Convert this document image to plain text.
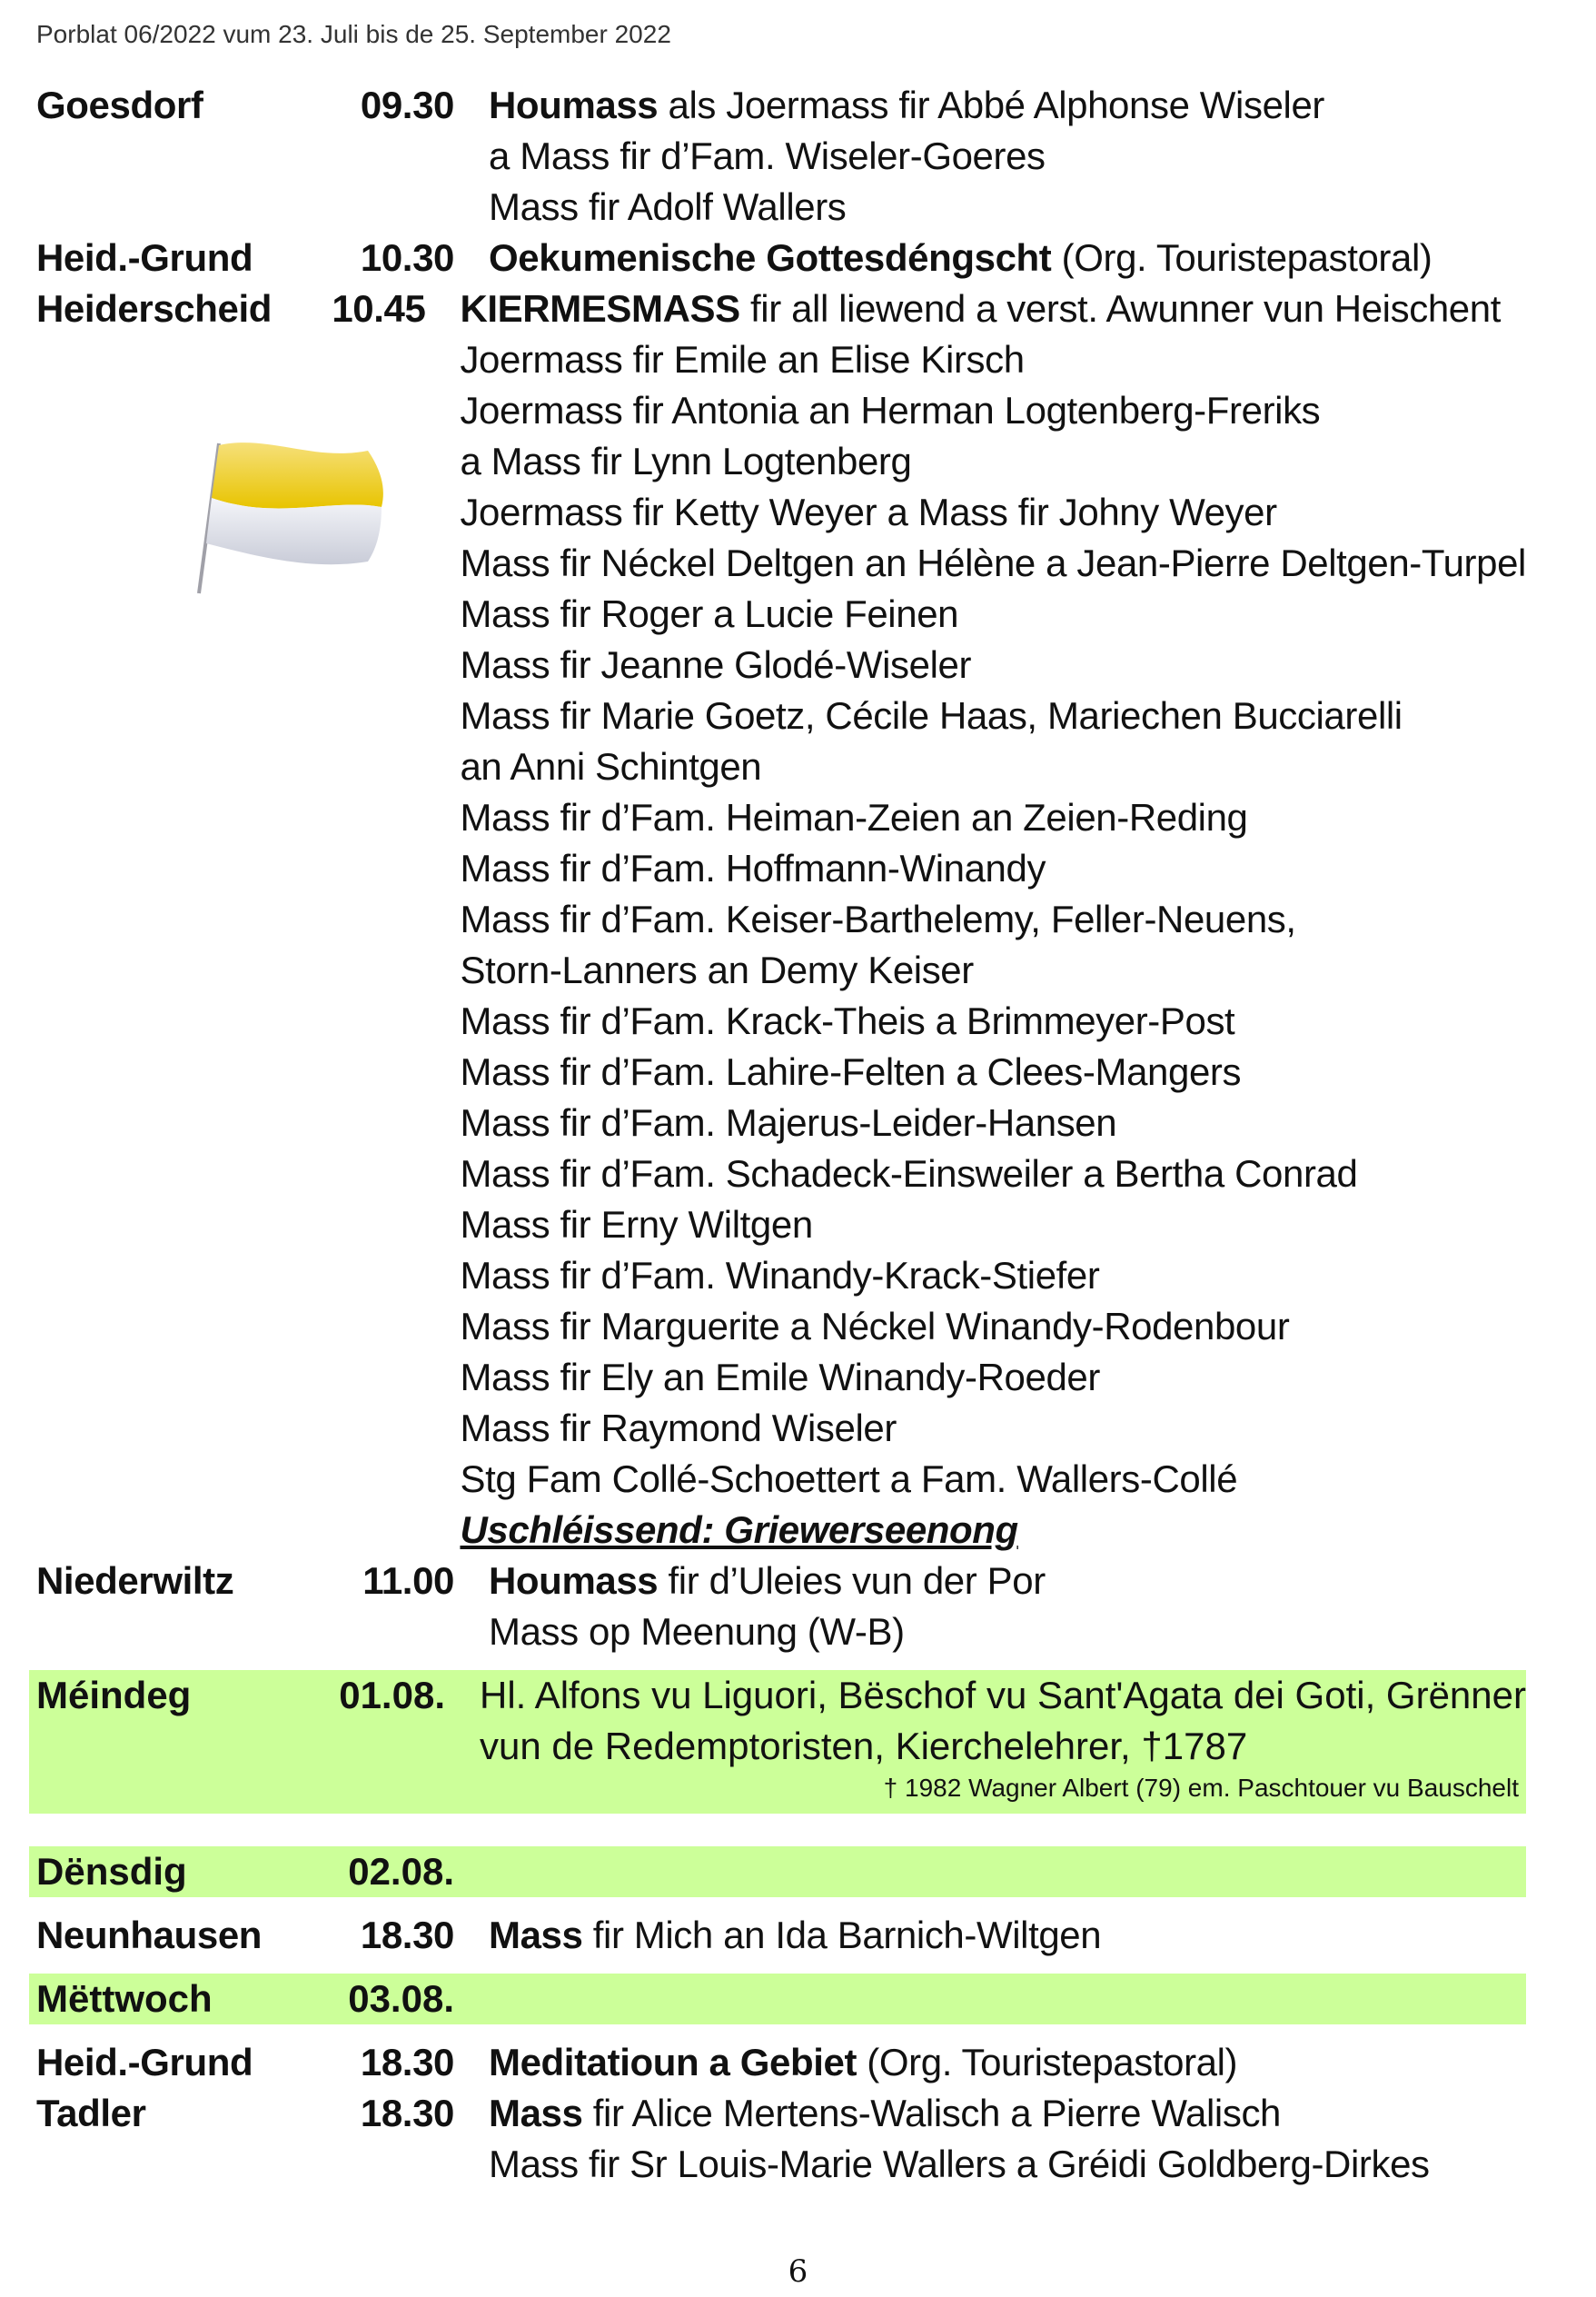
Porblat 06/2022 vum 23. Juli bis de 25. September 2022
Goesdorf	09.30 Houmass als Joermass fir Abbé Alphonse Wiseler
a Mass fir d’Fam. Wiseler-Goeres
Mass fir Adolf Wallers
Heid.-Grund	10.30 Oekumenische Gottesdéngscht (Org. Touristepastoral)
Heiderscheid	10.45 KIERMESMASS fir all liewend a verst. Awunner vun Heischent
Joermass fir Emile an Elise Kirsch
Joermass fir Antonia an Herman Logtenberg-Freriks
a Mass fir Lynn Logtenberg
Joermass fir Ketty Weyer a Mass fir Johny Weyer
Mass fir Néckel Deltgen an Hélène a Jean-Pierre Deltgen-Turpel
Mass fir Roger a Lucie Feinen
Mass fir Jeanne Glodé-Wiseler
Mass fir Marie Goetz, Cécile Haas, Mariechen Bucciarelli
an Anni Schintgen
Mass fir d’Fam. Heiman-Zeien an Zeien-Reding
Mass fir d’Fam. Hoffmann-Winandy
Mass fir d’Fam. Keiser-Barthelemy, Feller-Neuens,
Storn-Lanners an Demy Keiser
Mass fir d’Fam. Krack-Theis a Brimmeyer-Post
Mass fir d’Fam. Lahire-Felten a Clees-Mangers
Mass fir d’Fam. Majerus-Leider-Hansen
Mass fir d’Fam. Schadeck-Einsweiler a Bertha Conrad
Mass fir Erny Wiltgen
Mass fir d’Fam. Winandy-Krack-Stiefer
Mass fir Marguerite a Néckel Winandy-Rodenbour
Mass fir Ely an Emile Winandy-Roeder
Mass fir Raymond Wiseler
Stg Fam Collé-Schoettert a Fam. Wallers-Collé
Uschléissend: Griewerseenong
Niederwiltz	11.00 Houmass fir d’Uleies vun der Por
Mass op Meenung (W-B)
Méindeg	01.08. Hl. Alfons vu Liguori, Bëschof vu Sant'Agata dei Goti, Grënner
vun de Redemptoristen, Kierchelehrer, †1787
† 1982 Wagner Albert (79) em. Paschtouer vu Bauschelt
Dënsdig	02.08.
Neunhausen	18.30 Mass fir Mich an Ida Barnich-Wiltgen
Mëttwoch	03.08.
Heid.-Grund	18.30 Meditatioun a Gebiet (Org. Touristepastoral)
Tadler	18.30 Mass fir Alice Mertens-Walisch a Pierre Walisch
Mass fir Sr Louis-Marie Wallers a Gréidi Goldberg-Dirkes
6
